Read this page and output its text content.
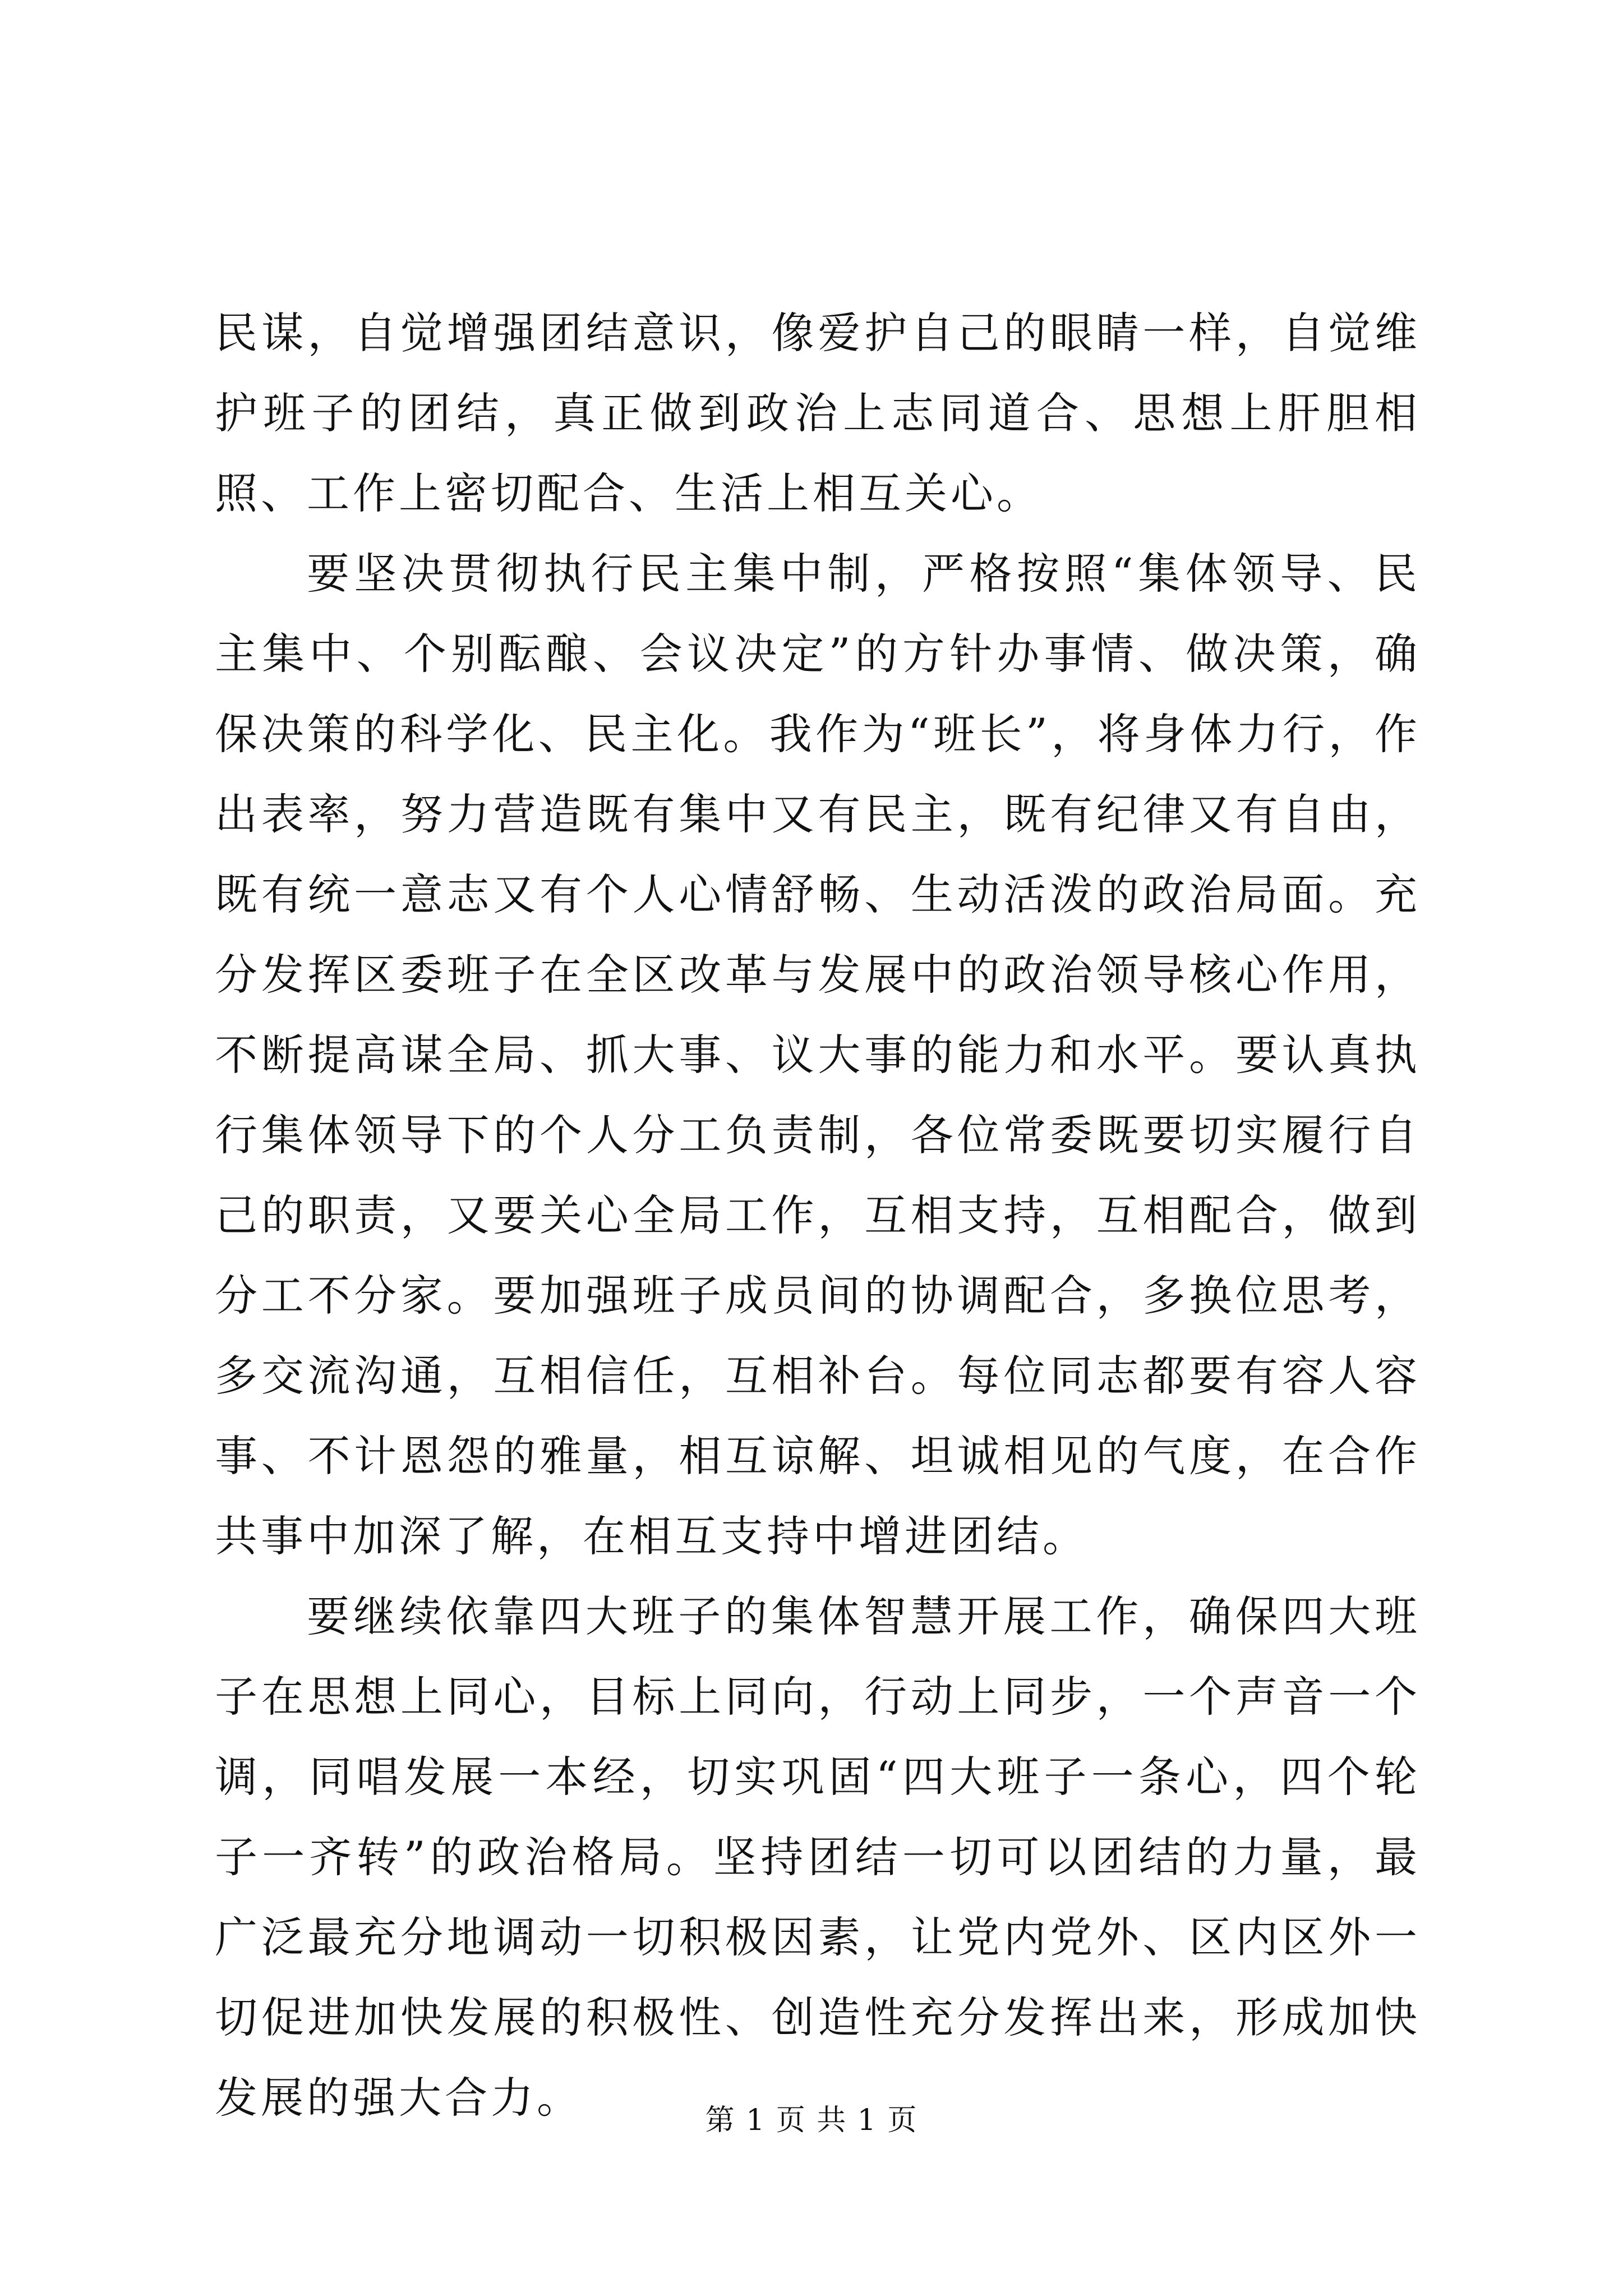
民谋，自觉增强团结意识，像爱护自己的眼睛一样，自觉维护班子的团结，真正做到政治上志同道合、思想上肝胆相照、工作上密切配合、生活上相互关心。

要坚决贯彻执行民主集中制，严格按照“集体领导、民主集中、个别酝酿、会议决定”的方针办事情、做决策，确保决策的科学化、民主化。我作为“班长”，将身体力行，作出表率，努力营造既有集中又有民主，既有纪律又有自由，既有统一意志又有个人心情舒畅、生动活泼的政治局面。充分发挥区委班子在全区改革与发展中的政治领导核心作用，不断提高谋全局、抓大事、议大事的能力和水平。要认真执行集体领导下的个人分工负责制，各位常委既要切实履行自己的职责，又要关心全局工作，互相支持，互相配合，做到分工不分家。要加强班子成员间的协调配合，多换位思考，多交流沟通，互相信任，互相补台。每位同志都要有容人容事、不计恩怨的雅量，相互谅解、坦诚相见的气度，在合作共事中加深了解，在相互支持中增进团结。

要继续依靠四大班子的集体智慧开展工作，确保四大班子在思想上同心，目标上同向，行动上同步，一个声音一个调，同唱发展一本经，切实巩固“四大班子一条心，四个轮子一齐转”的政治格局。坚持团结一切可以团结的力量，最广泛最充分地调动一切积极因素，让党内党外、区内区外一切促进加快发展的积极性、创造性充分发挥出来，形成加快发展的强大合力。	第 1 页 共 1 页
